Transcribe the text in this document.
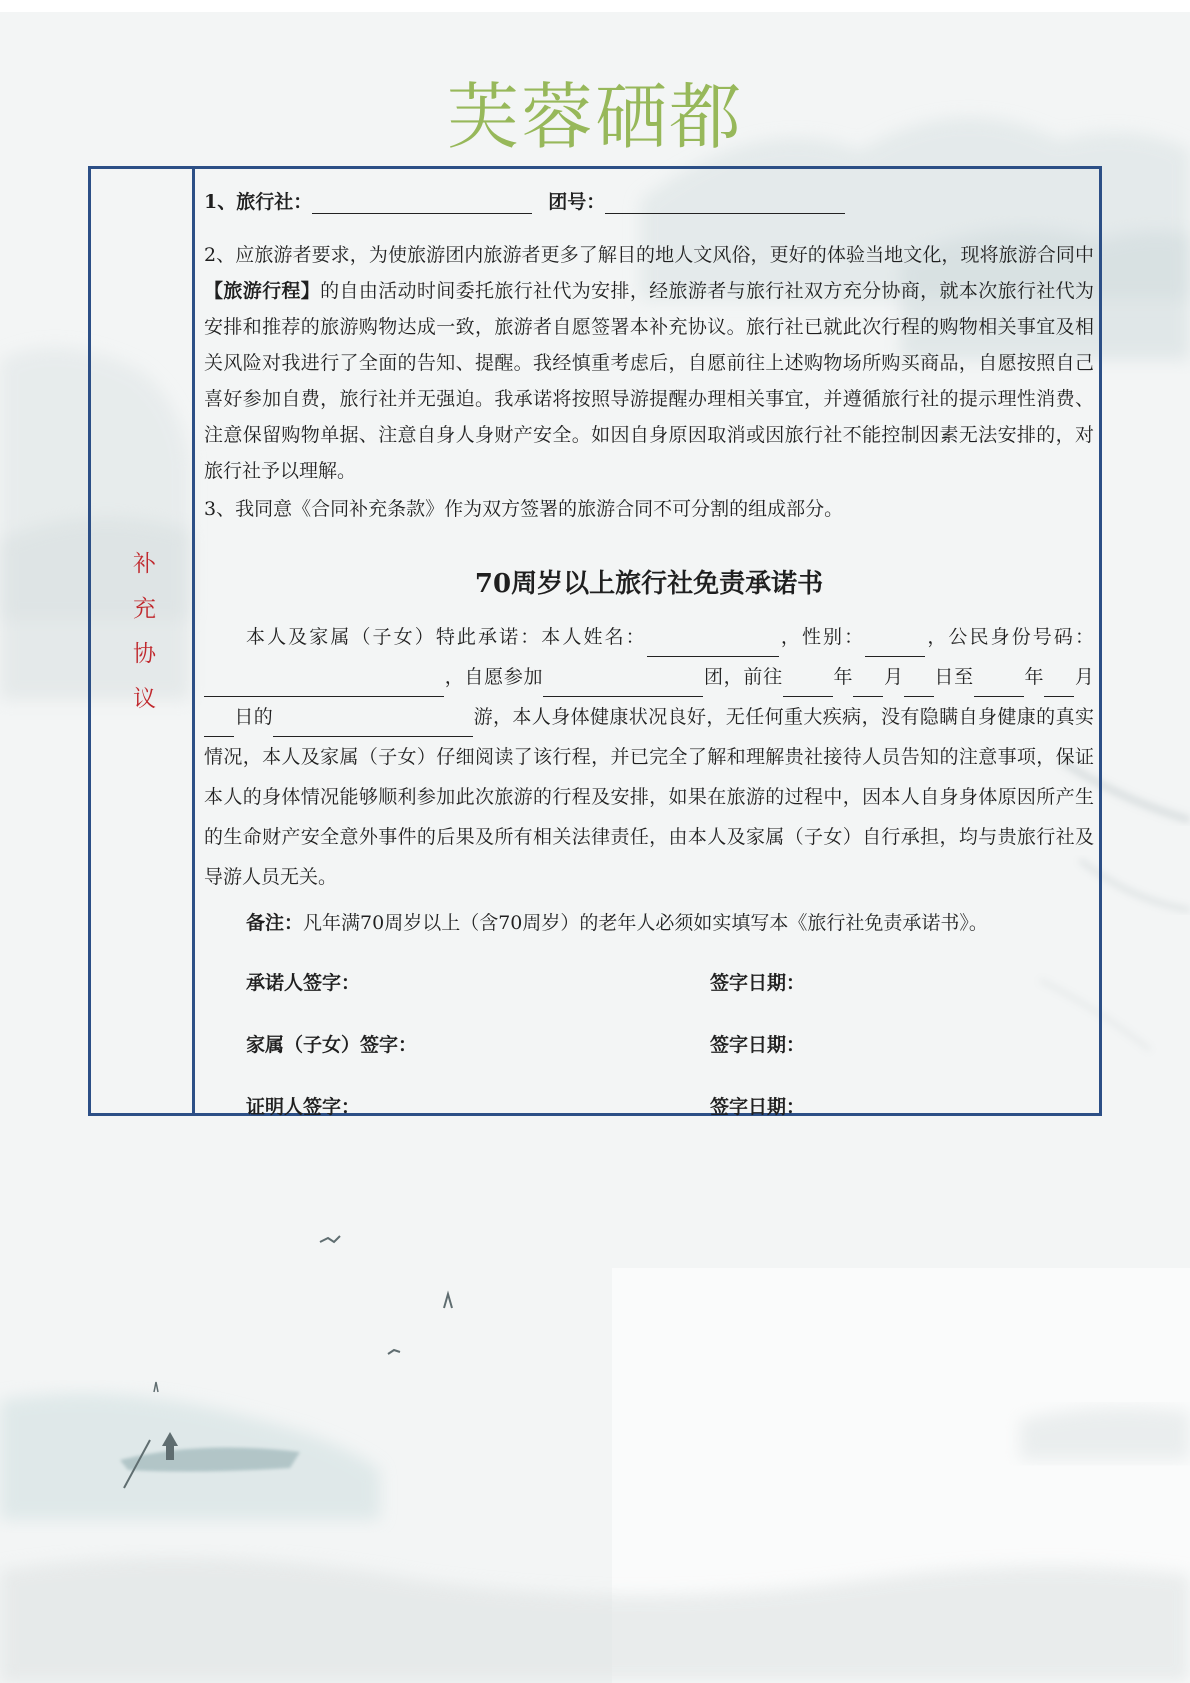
芙蓉硒都
补充协议
1、旅行社：	团号：
2、应旅游者要求，为使旅游团内旅游者更多了解目的地人文风俗，更好的体验当地文化，现将旅游合同中【旅游行程】的自由活动时间委托旅行社代为安排，经旅游者与旅行社双方充分协商，就本次旅行社代为安排和推荐的旅游购物达成一致，旅游者自愿签署本补充协议。旅行社已就此次行程的购物相关事宜及相关风险对我进行了全面的告知、提醒。我经慎重考虑后，自愿前往上述购物场所购买商品，自愿按照自己喜好参加自费，旅行社并无强迫。我承诺将按照导游提醒办理相关事宜，并遵循旅行社的提示理性消费、注意保留购物单据、注意自身人身财产安全。如因自身原因取消或因旅行社不能控制因素无法安排的，对旅行社予以理解。
3、我同意《合同补充条款》作为双方签署的旅游合同不可分割的组成部分。
70周岁以上旅行社免责承诺书
本人及家属（子女）特此承诺：本人姓名：	，性别：	，公民身份号码：，自愿参加	团，前往	年 月 日至	年 月日的	游，本人身体健康状况良好，无任何重大疾病，没有隐瞒自身健康的真实情况，本人及家属（子女）仔细阅读了该行程，并已完全了解和理解贵社接待人员告知的注意事项，保证本人的身体情况能够顺利参加此次旅游的行程及安排，如果在旅游的过程中，因本人自身身体原因所产生的生命财产安全意外事件的后果及所有相关法律责任，由本人及家属（子女）自行承担，均与贵旅行社及导游人员无关。
备注：凡年满70周岁以上（含70周岁）的老年人必须如实填写本《旅行社免责承诺书》。
承诺人签字：	签字日期：
家属（子女）签字：	签字日期：
证明人签字：	签字日期：
